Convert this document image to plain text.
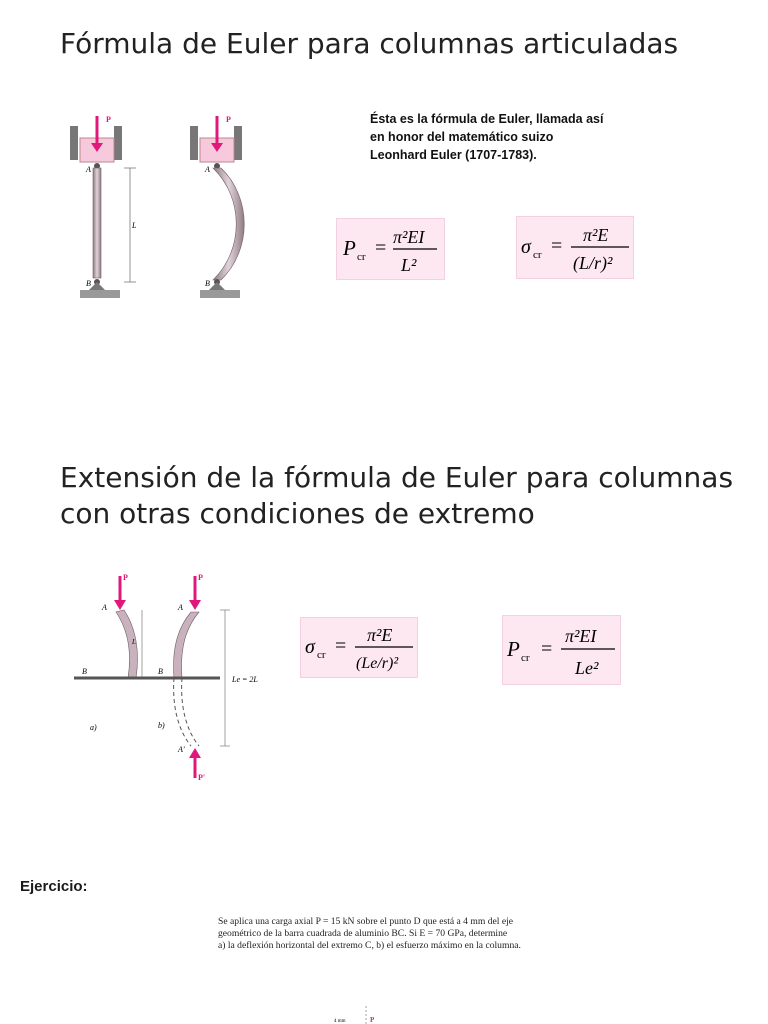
Fórmula de Euler para columnas articuladas
P
A
B
L
P
A
B
Ésta es la fórmula de Euler, llamada así
en honor del matemático suizo
Leonhard Euler (1707-1783).
P cr = π²EI
L²
σ cr = π²E
(L/r)²
Extensión de la fórmula de Euler para columnas
con otras condiciones de extremo
P
A
B
L
a)
P
A
B
A'
P'
Le = 2L
b)
σ cr = π²E
(Le/r)²
P cr =
π²EI
Le²
Ejercicio:
Se aplica una carga axial P = 15 kN sobre el punto D que está a 4 mm del eje
geométrico de la barra cuadrada de aluminio BC. Si E = 70 GPa, determine
a) la deflexión horizontal del extremo C, b) el esfuerzo máximo en la columna.
4 mm	P
